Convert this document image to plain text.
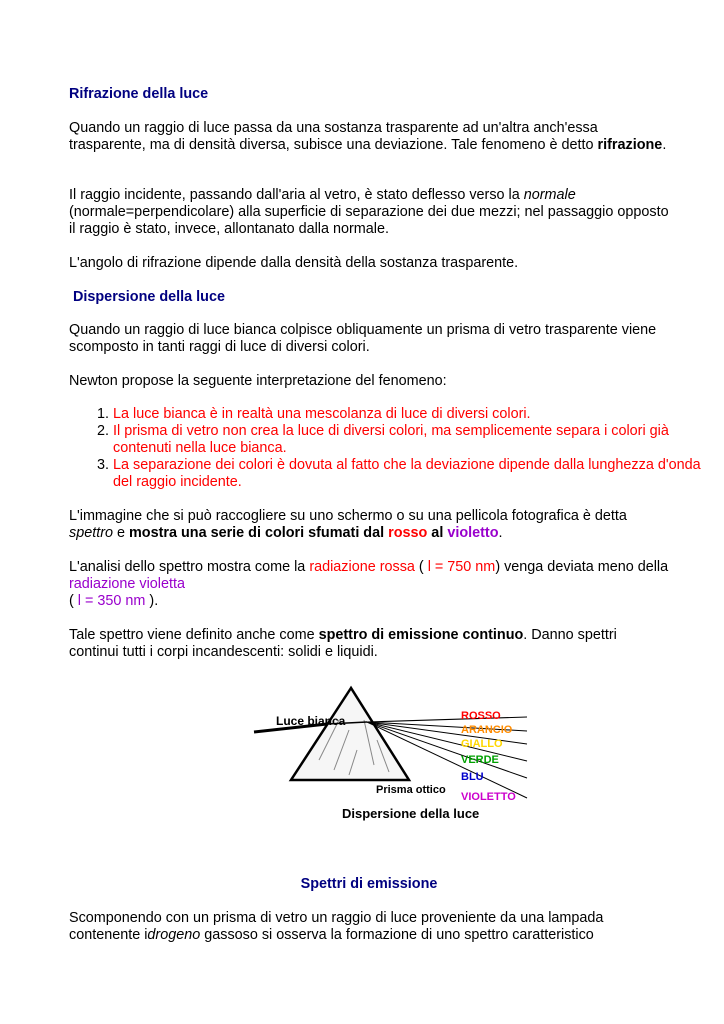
Rifrazione della luce

Quando un raggio di luce passa da una sostanza trasparente ad un'altra anch'essa trasparente, ma di densità diversa, subisce una deviazione. Tale fenomeno è detto rifrazione.

Il raggio incidente, passando dall'aria al vetro, è stato deflesso verso la normale (normale=perpendicolare) alla superficie di separazione dei due mezzi; nel passaggio opposto il raggio è stato, invece, allontanato dalla normale.

L'angolo di rifrazione dipende dalla densità della sostanza trasparente.

Dispersione della luce

Quando un raggio di luce bianca colpisce obliquamente un prisma di vetro trasparente viene scomposto in tanti raggi di luce di diversi colori.

Newton propose la seguente interpretazione del fenomeno:

1. La luce bianca è in realtà una mescolanza di luce di diversi colori.
2. Il prisma di vetro non crea la luce di diversi colori, ma semplicemente separa i colori già contenuti nella luce bianca.
3. La separazione dei colori è dovuta al fatto che la deviazione dipende dalla lunghezza d'onda del raggio incidente.

L'immagine che si può raccogliere su uno schermo o su una pellicola fotografica è detta spettro e mostra una serie di colori sfumati dal rosso al violetto.

L'analisi dello spettro mostra come la radiazione rossa ( l = 750 nm) venga deviata meno della radiazione violetta
( l = 350 nm ).

Tale spettro viene definito anche come spettro di emissione continuo. Danno spettri continui tutti i corpi incandescenti: solidi e liquidi.

Luce bianca
Prisma ottico
Dispersione della luce
ROSSO
ARANCIO
GIALLO
VERDE
BLU
VIOLETTO

Spettri di emissione

Scomponendo con un prisma di vetro un raggio di luce proveniente da una lampada contenente idrogeno gassoso si osserva la formazione di uno spettro caratteristico
